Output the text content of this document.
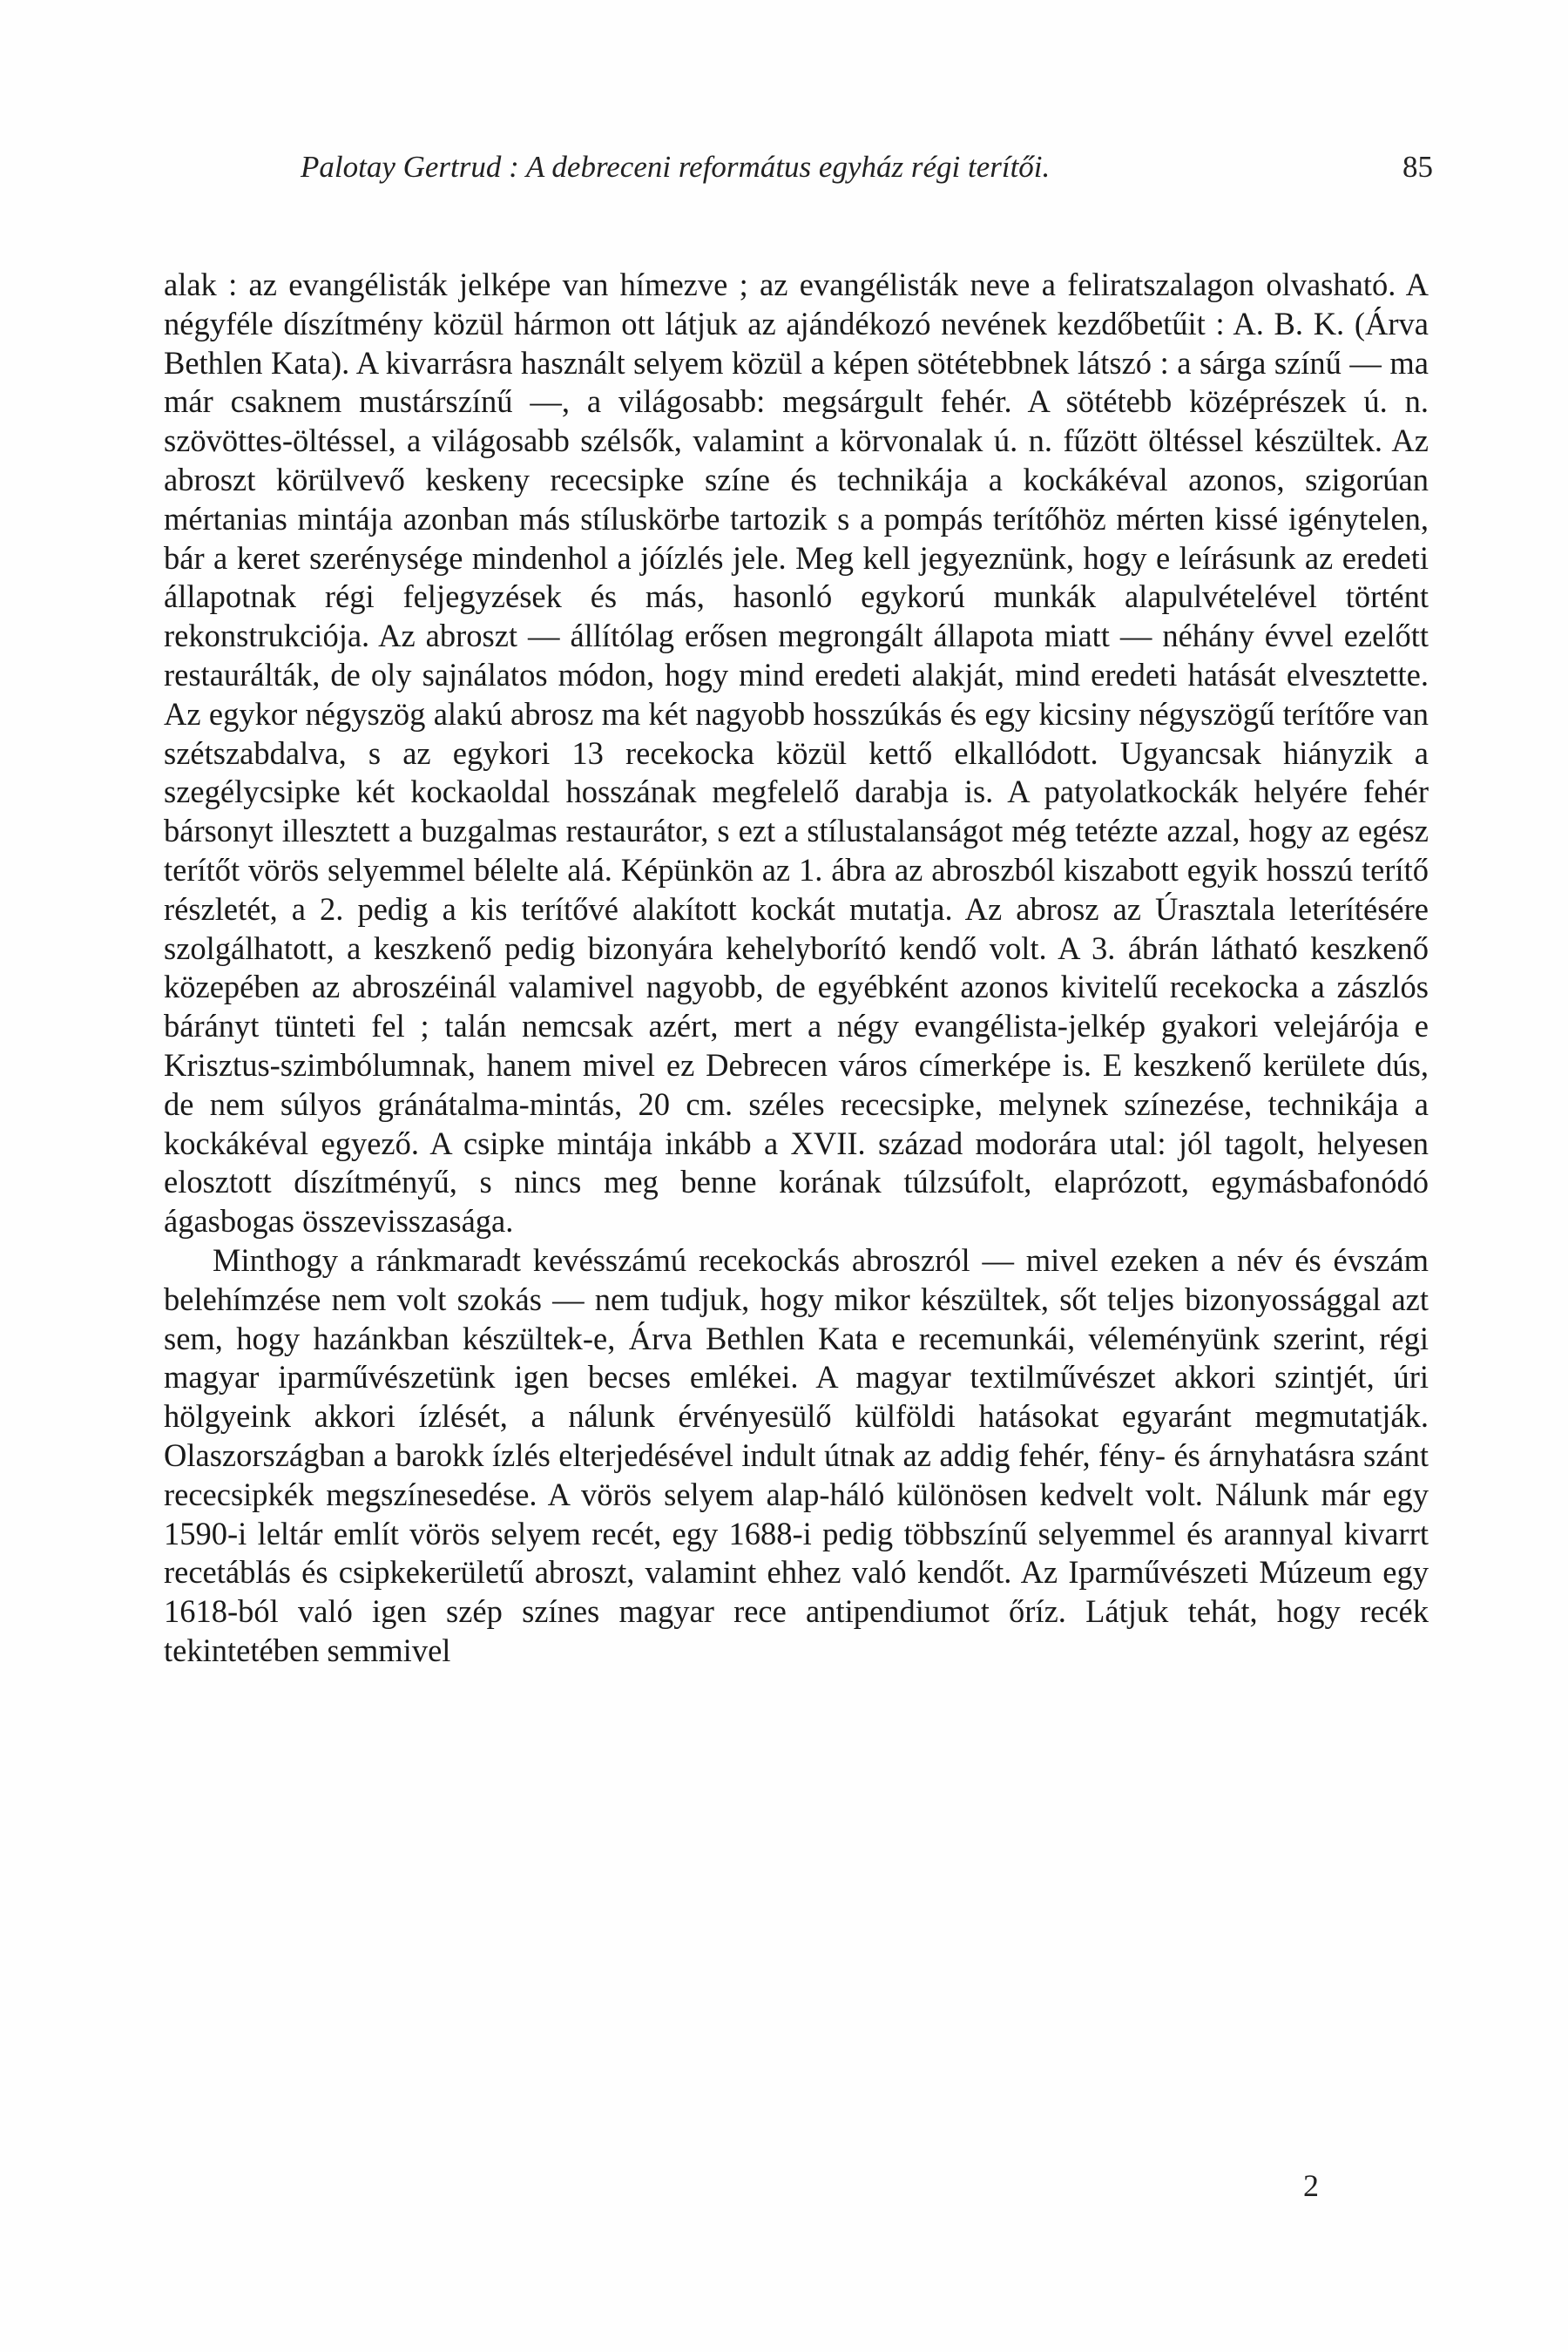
Palotay Gertrud : A debreceni református egyház régi terítői.	85

alak : az evangélisták jelképe van hímezve ; az evangélisták neve a feliratszalagon olvasható. A négyféle díszítmény közül hármon ott látjuk az ajándékozó nevének kezdőbetűit : A. B. K. (Árva Bethlen Kata). A kivarrásra használt selyem közül a képen sötétebbnek látszó : a sárga színű — ma már csaknem mustárszínű —, a világosabb: megsárgult fehér. A sötétebb középrészek ú. n. szövöttes-öltéssel, a világosabb szélsők, valamint a körvonalak ú. n. fűzött öltéssel készültek. Az abroszt körülvevő keskeny rececsipke színe és technikája a kockákéval azonos, szigorúan mértanias mintája azonban más stíluskörbe tartozik s a pompás terítőhöz mérten kissé igénytelen, bár a keret szerénysége mindenhol a jóízlés jele. Meg kell jegyeznünk, hogy e leírásunk az eredeti állapotnak régi feljegyzések és más, hasonló egykorú munkák alapulvételével történt rekonstrukciója. Az abroszt — állítólag erősen megrongált állapota miatt — néhány évvel ezelőtt restaurálták, de oly sajnálatos módon, hogy mind eredeti alakját, mind eredeti hatását elvesztette. Az egykor négyszög alakú abrosz ma két nagyobb hosszúkás és egy kicsiny négyszögű terítőre van szétszabdalva, s az egykori 13 recekocka közül kettő elkallódott. Ugyancsak hiányzik a szegélycsipke két kockaoldal hosszának megfelelő darabja is. A patyolatkockák helyére fehér bársonyt illesztett a buzgalmas restaurátor, s ezt a stílustalanságot még tetézte azzal, hogy az egész terítőt vörös selyemmel bélelte alá. Képünkön az 1. ábra az abroszból kiszabott egyik hosszú terítő részletét, a 2. pedig a kis terítővé alakított kockát mutatja. Az abrosz az Úrasztala leterítésére szolgálhatott, a keszkenő pedig bizonyára kehelyborító kendő volt. A 3. ábrán látható keszkenő közepében az abroszéinál valamivel nagyobb, de egyébként azonos kivitelű recekocka a zászlós bárányt tünteti fel ; talán nemcsak azért, mert a négy evangélista-jelkép gyakori velejárója e Krisztus-szimbólumnak, hanem mivel ez Debrecen város címerképe is. E keszkenő kerülete dús, de nem súlyos gránátalma-mintás, 20 cm. széles rececsipke, melynek színezése, technikája a kockákéval egyező. A csipke mintája inkább a XVII. század modorára utal: jól tagolt, helyesen elosztott díszítményű, s nincs meg benne korának túlzsúfolt, elaprózott, egymásbafonódó ágasbogas összevisszasága.

Minthogy a ránkmaradt kevésszámú recekockás abroszról — mivel ezeken a név és évszám belehímzése nem volt szokás — nem tudjuk, hogy mikor készültek, sőt teljes bizonyossággal azt sem, hogy hazánkban készültek-e, Árva Bethlen Kata e recemunkái, véleményünk szerint, régi magyar iparművészetünk igen becses emlékei. A magyar textilművészet akkori szintjét, úri hölgyeink akkori ízlését, a nálunk érvényesülő külföldi hatásokat egyaránt megmutatják. Olaszországban a barokk ízlés elterjedésével indult útnak az addig fehér, fény- és árnyhatásra szánt rececsipkék megszínesedése. A vörös selyem alap-háló különösen kedvelt volt. Nálunk már egy 1590-i leltár említ vörös selyem recét, egy 1688-i pedig többszínű selyemmel és arannyal kivarrt recetáblás és csipkekerületű abroszt, valamint ehhez való kendőt. Az Iparművészeti Múzeum egy 1618-ból való igen szép színes magyar rece antipendiumot őríz. Látjuk tehát, hogy recék tekintetében semmivel

2
